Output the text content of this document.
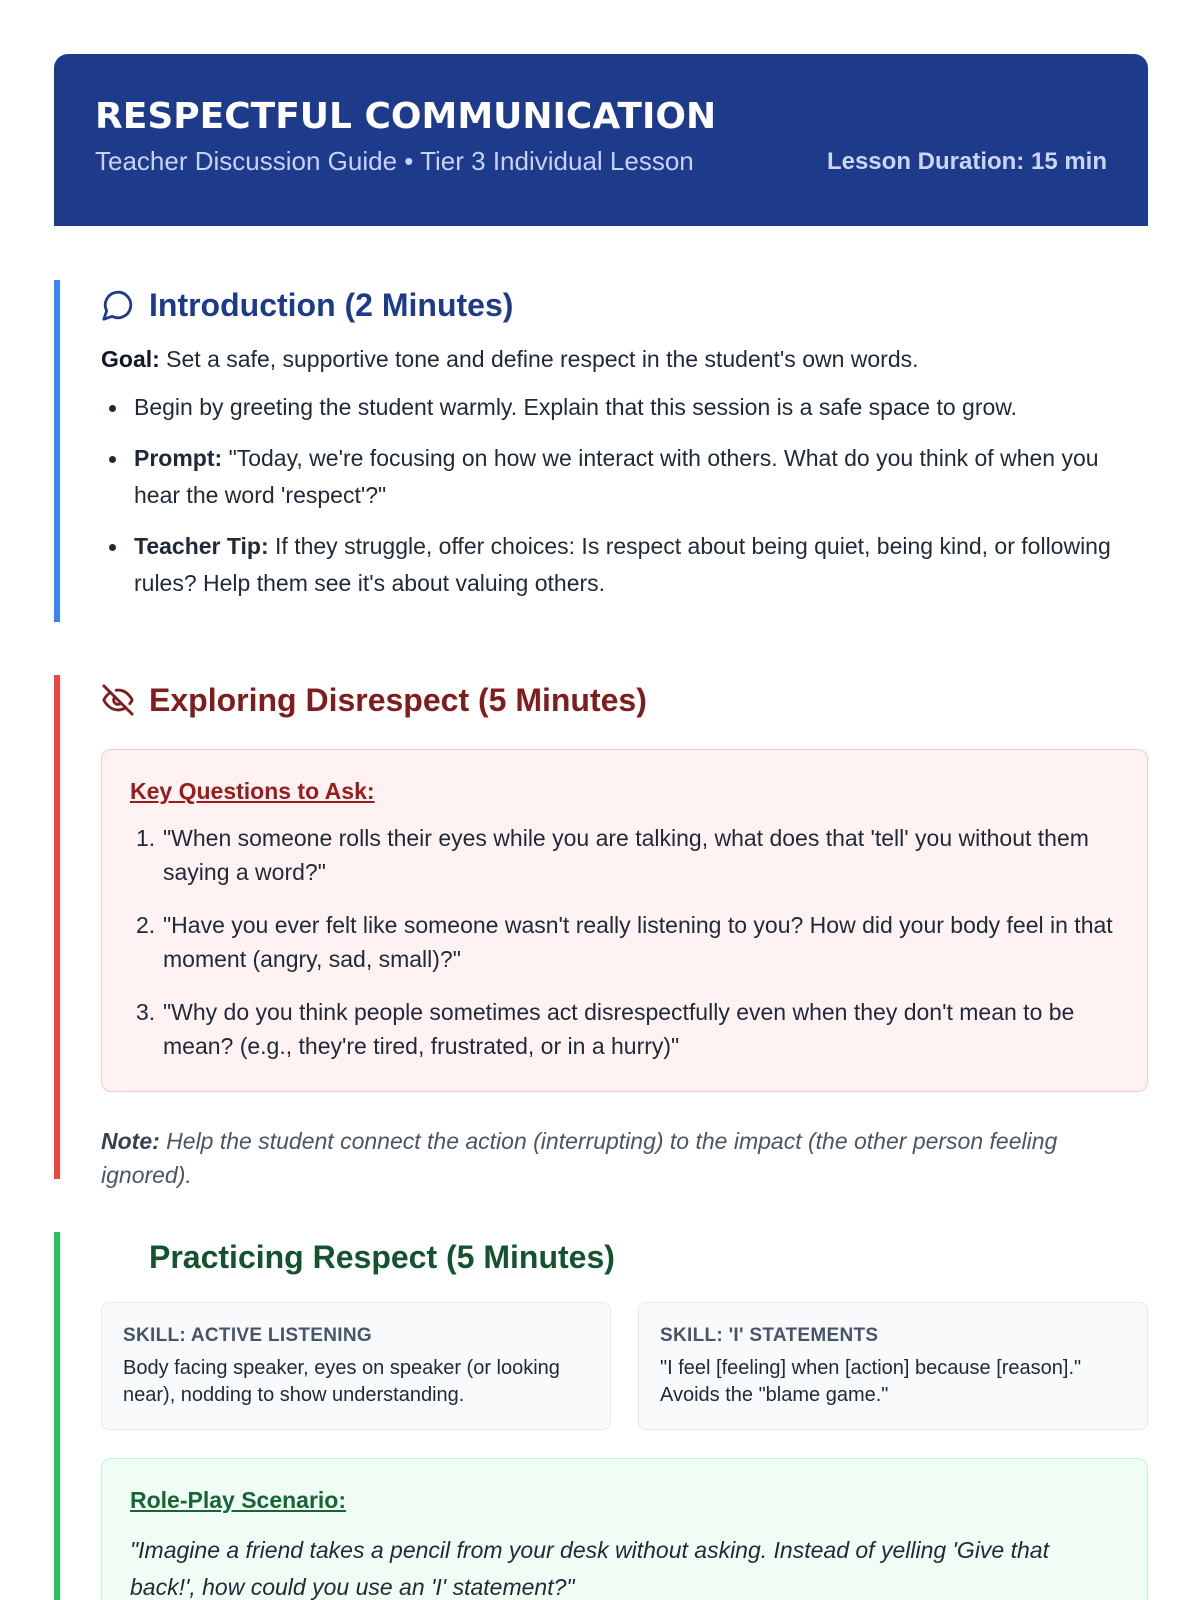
RESPECTFUL COMMUNICATION
Teacher Discussion Guide • Tier 3 Individual Lesson	Lesson Duration: 15 min
Introduction (2 Minutes)

Goal: Set a safe, supportive tone and define respect in the student's own words.

Begin by greeting the student warmly. Explain that this session is a safe space to grow.
Prompt: "Today, we're focusing on how we interact with others. What do you think of when you hear the word 'respect'?"
Teacher Tip: If they struggle, offer choices: Is respect about being quiet, being kind, or following rules? Help them see it's about valuing others.
Exploring Disrespect (5 Minutes)
Key Questions to Ask:
1. "When someone rolls their eyes while you are talking, what does that 'tell' you without them saying a word?"
2. "Have you ever felt like someone wasn't really listening to you? How did your body feel in that moment (angry, sad, small)?"
3. "Why do you think people sometimes act disrespectfully even when they don't mean to be mean? (e.g., they're tired, frustrated, or in a hurry)"

Note: Help the student connect the action (interrupting) to the impact (the other person feeling ignored).

Practicing Respect (5 Minutes)
SKILL: ACTIVE LISTENING
Body facing speaker, eyes on speaker (or looking near), nodding to show understanding.
SKILL: 'I' STATEMENTS
"I feel [feeling] when [action] because [reason]." Avoids the "blame game."
Role-Play Scenario:

"Imagine a friend takes a pencil from your desk without asking. Instead of yelling 'Give that back!', how could you use an 'I' statement?"
